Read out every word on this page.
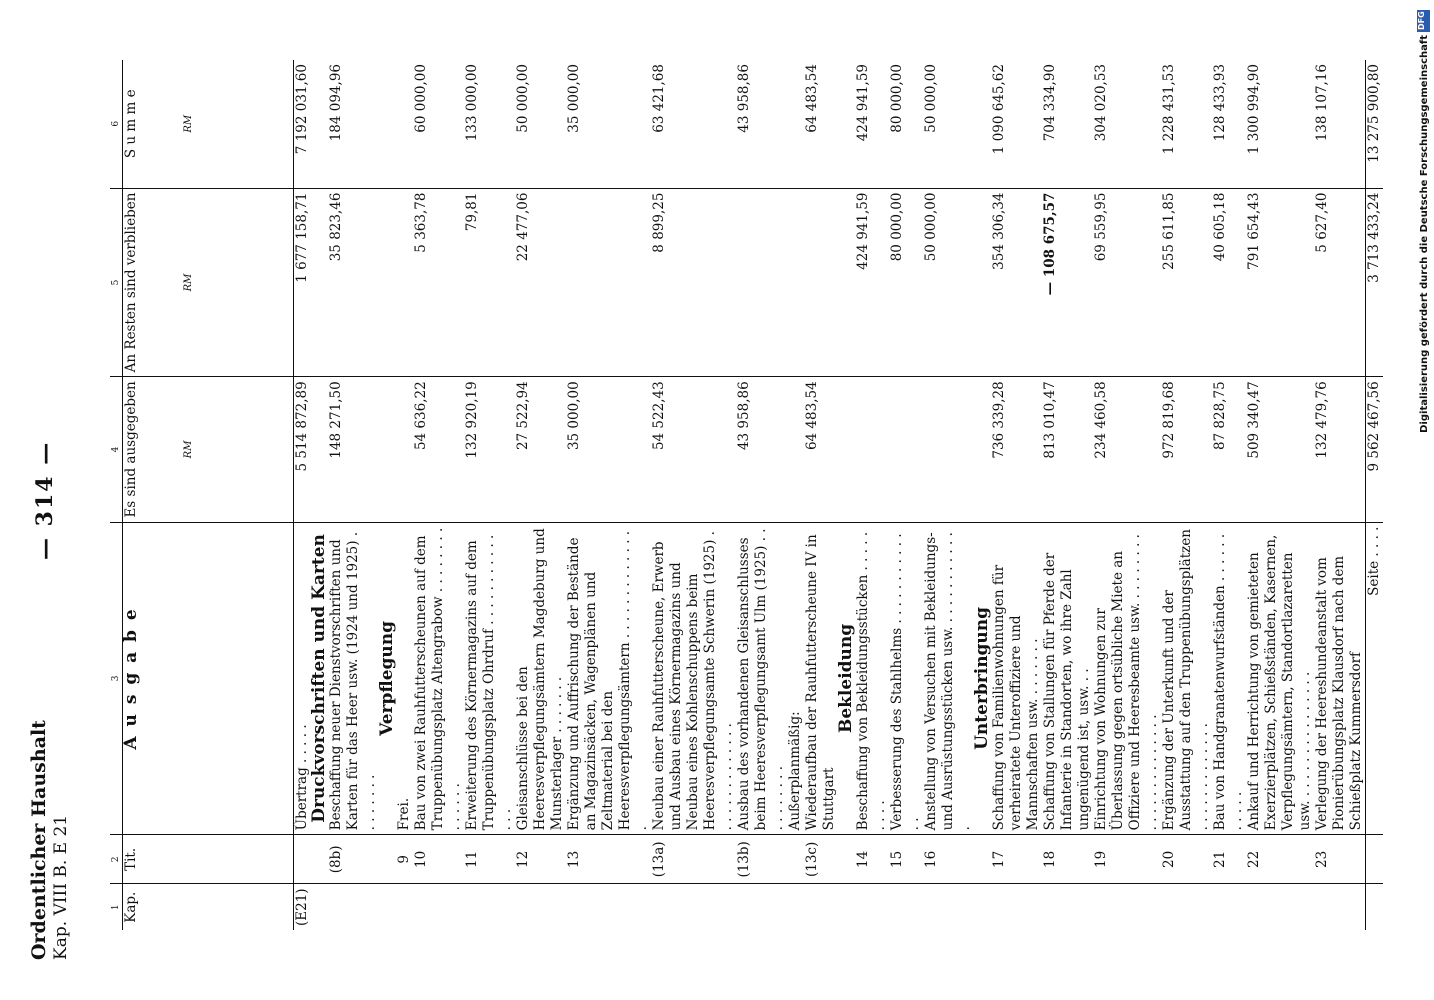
Ordentlicher Haushalt Kap. VIII B. E 21
— 314 —
1	2	3	4	5	6
Kap.	Tit.	A u s g a b e	Es sind ausgegeben RM	An Resten sind verblieben RM	S u m m e RM

(E21)		Übertrag . . . . .	5 514 872,89	1 677 158,71	7 192 031,60
		Druckvorschriften und Karten			
	(8b)	Beschaffung neuer Dienstvorschriften und Karten für das Heer usw. (1924 und 1925) . . . . . . . .	148 271,50	35 823,46	184 094,96
		Verpflegung			
	9	Frei.			
	10	Bau von zwei Rauhfutterscheunen auf dem Truppenübungsplatz Altengrabow . . . . . . . . . . . . . .	54 636,22	5 363,78	60 000,00
	11	Erweiterung des Körnermagazins auf dem Truppenübungsplatz Ohrdruf . . . . . . . . . . . . . .	132 920,19	79,81	133 000,00
	12	Gleisanschlüsse bei den Heeresverpflegungsämtern Magdeburg und Munsterlager . . . . . . .	27 522,94	22 477,06	50 000,00
	13	Ergänzung und Auffrischung der Bestände an Magazinsäcken, Wagenplänen und Zeltmaterial bei den Heeresverpflegungsämtern . . . . . . . . . . . . . .	35 000,00		35 000,00
	(13a)	Neubau einer Rauhfutterscheune, Erwerb und Ausbau eines Körnermagazins und Neubau eines Kohlenschuppens beim Heeresverpflegungsamte Schwerin (1925) . . . . . . . . . . . . . .	54 522,43	8 899,25	63 421,68
	(13b)	Ausbau des vorhandenen Gleisanschlusses beim Heeresverpflegungsamt Ulm (1925) . . . . . . . . . .	43 958,86		43 958,86
		Außerplanmäßig:			
	(13c)	Wiederaufbau der Rauhfutterscheune IV in Stuttgart	64 483,54		64 483,54
		Bekleidung			
	14	Beschaffung von Bekleidungsstücken . . . . . . . . .		424 941,59	424 941,59
	15	Verbesserung des Stahlhelms . . . . . . . . . . . . .		80 000,00	80 000,00
	16	Anstellung von Versuchen mit Bekleidungs- und Ausrüstungsstücken usw. . . . . . . . . . . . .		50 000,00	50 000,00
		Unterbringung			
	17	Schaffung von Familienwohnungen für verheiratete Unteroffiziere und Mannschaften usw. . . . . . . .	736 339,28	354 306,34	1 090 645,62
	18	Schaffung von Stallungen für Pferde der Infanterie in Standorten, wo ihre Zahl ungenügend ist, usw. . .	813 010,47	— 108 675,57	704 334,90
	19	Einrichtung von Wohnungen zur Überlassung gegen ortsübliche Miete an Offiziere und Heeresbeamte usw. . . . . . . . . . . . . . . . . . . . . . .	234 460,58	69 559,95	304 020,53
	20	Ergänzung der Unterkunft und der Ausstattung auf den Truppenübungsplätzen . . . . . . . . . . . . .	972 819,68	255 611,85	1 228 431,53
	21	Bau von Handgranatenwurfständen . . . . . . . . . . .	87 828,75	40 605,18	128 433,93
	22	Ankauf und Herrichtung von gemieteten Exerzierplätzen, Schießständen, Kasernen, Verpflegungsämtern, Standortlazaretten usw. . . . . . . . . . . . . . . .	509 340,47	791 654,43	1 300 994,90
	23	Verlegung der Heereshundeanstalt vom Pionierübungsplatz Klausdorf nach dem Schießplatz Kummersdorf	132 479,76	5 627,40	138 107,16
		Seite . . . .	9 562 467,56	3 713 433,24	13 275 900,80
DFG
Digitalisierung gefördert durch die Deutsche Forschungsgemeinschaft
